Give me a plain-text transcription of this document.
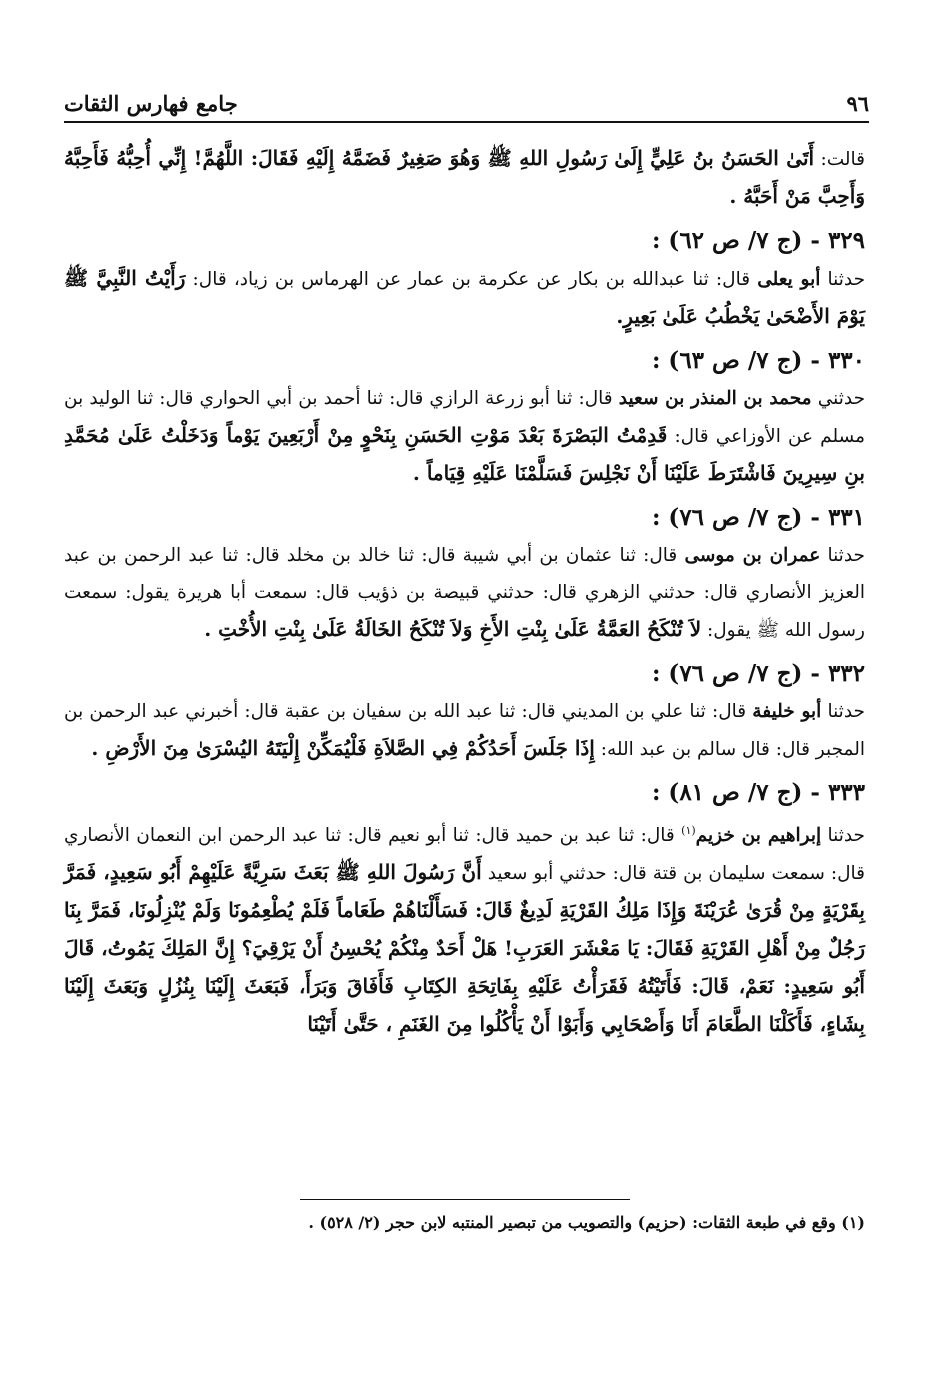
٩٦
جامع فهارس الثقات

قالت: أَتَىٰ الحَسَنُ بنُ عَلِيٍّ إِلَىٰ رَسُولِ اللهِ ﷺ وَهُوَ صَغِيرٌ فَضَمَّهُ إِلَيْهِ فَقَالَ: اللَّهُمَّ! إِنِّي أُحِبُّهُ فَأَحِبَّهُ وَأَحِبَّ مَنْ أَحَبَّهُ .

٣٢٩ - (ج ٧/ ص ٦٢) :

حدثنا أبو يعلى قال: ثنا عبدالله بن بكار عن عكرمة بن عمار عن الهرماس بن زياد، قال: رَأَيْتُ النَّبِيَّ ﷺ يَوْمَ الأَضْحَىٰ يَخْطُبُ عَلَىٰ بَعِيرٍ.

٣٣٠ - (ج ٧/ ص ٦٣) :

حدثني محمد بن المنذر بن سعيد قال: ثنا أبو زرعة الرازي قال: ثنا أحمد بن أبي الحواري قال: ثنا الوليد بن مسلم عن الأوزاعي قال: قَدِمْتُ البَصْرَةَ بَعْدَ مَوْتِ الحَسَنِ بِنَحْوٍ مِنْ أَرْبَعِينَ يَوْماً وَدَخَلْتُ عَلَىٰ مُحَمَّدِ بنِ سِيرِينَ فَاشْتَرَطَ عَلَيْنَا أَنْ نَجْلِسَ فَسَلَّمْنَا عَلَيْهِ قِيَاماً .

٣٣١ - (ج ٧/ ص ٧٦) :

حدثنا عمران بن موسى قال: ثنا عثمان بن أبي شيبة قال: ثنا خالد بن مخلد قال: ثنا عبد الرحمن بن عبد العزيز الأنصاري قال: حدثني الزهري قال: حدثني قبيصة بن ذؤيب قال: سمعت أبا هريرة يقول: سمعت رسول الله ﷺ يقول: لاَ تُنْكَحُ العَمَّةُ عَلَىٰ بِنْتِ الأَخِ وَلاَ تُنْكَحُ الخَالَةُ عَلَىٰ بِنْتِ الأُخْتِ .

٣٣٢ - (ج ٧/ ص ٧٦) :

حدثنا أبو خليفة قال: ثنا علي بن المديني قال: ثنا عبد الله بن سفيان بن عقبة قال: أخبرني عبد الرحمن بن المجبر قال: قال سالم بن عبد الله: إِذَا جَلَسَ أَحَدُكُمْ فِي الصَّلاَةِ فَلْيُمَكِّنْ إِلْيَتَهُ اليُسْرَىٰ مِنَ الأَرْضِ .

٣٣٣ - (ج ٧/ ص ٨١) :

حدثنا إبراهيم بن خزيم$^{(١)}$ قال: ثنا عبد بن حميد قال: ثنا أبو نعيم قال: ثنا عبد الرحمن ابن النعمان الأنصاري قال: سمعت سليمان بن قتة قال: حدثني أبو سعيد أَنَّ رَسُولَ اللهِ ﷺ بَعَثَ سَرِيَّةً عَلَيْهِمْ أَبُو سَعِيدٍ، فَمَرَّ بِقَرْيَةٍ مِنْ قُرَىٰ عُرَيْنَةَ وَإِذَا مَلِكُ القَرْيَةِ لَدِيغٌ قَالَ: فَسَأَلْنَاهُمْ طَعَاماً فَلَمْ يُطْعِمُونَا وَلَمْ يُنْزِلُونَا، فَمَرَّ بِنَا رَجُلٌ مِنْ أَهْلِ القَرْيَةِ فَقَالَ: يَا مَعْشَرَ العَرَبِ! هَلْ أَحَدٌ مِنْكُمْ يُحْسِنُ أَنْ يَرْقِيَ؟ إِنَّ المَلِكَ يَمُوتُ، قَالَ أَبُو سَعِيدٍ: نَعَمْ، قَالَ: فَأَتَيْتُهُ فَقَرَأْتُ عَلَيْهِ بِفَاتِحَةِ الكِتَابِ فَأَفَاقَ وَبَرَأَ، فَبَعَثَ إِلَيْنَا بِنُزُلٍ وَبَعَثَ إِلَيْنَا بِشَاءٍ، فَأَكَلْنَا الطَّعَامَ أَنَا وَأَصْحَابِي وَأَبَوْا أَنْ يَأْكُلُوا مِنَ الغَنَمِ ، حَتَّىٰ أَتَيْنَا

(١) وقع في طبعة الثقات: (حزيم) والتصويب من تبصير المنتبه لابن حجر (٢/ ٥٢٨) .
